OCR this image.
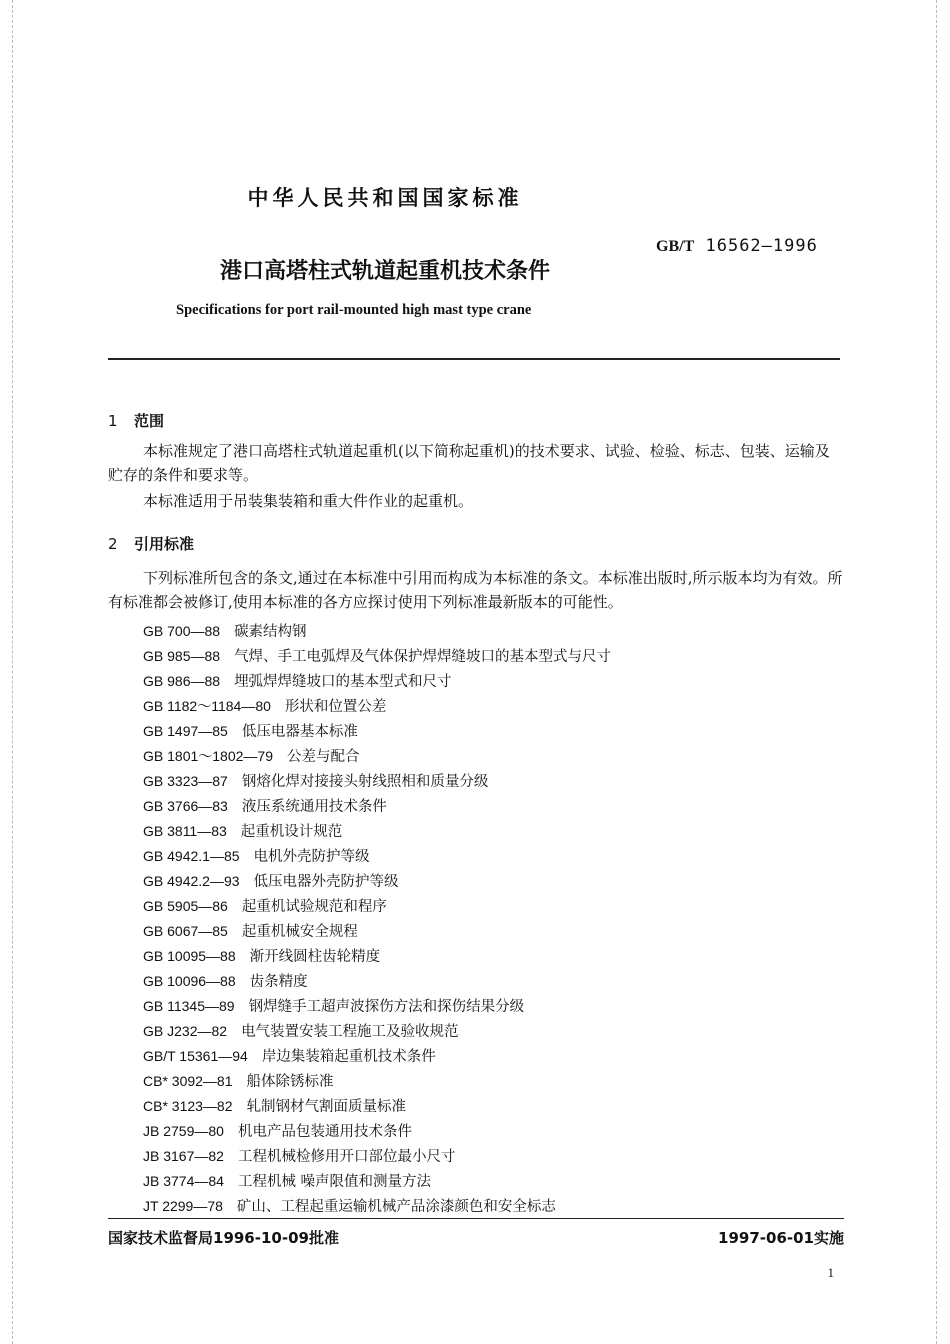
中华人民共和国国家标准
GB/T 16562—1996
港口高塔柱式轨道起重机技术条件
Specifications for port rail-mounted high mast type crane
1 范围
本标准规定了港口高塔柱式轨道起重机(以下简称起重机)的技术要求、试验、检验、标志、包装、运输及贮存的条件和要求等。
本标准适用于吊装集装箱和重大件作业的起重机。
2 引用标准
下列标准所包含的条文,通过在本标准中引用而构成为本标准的条文。本标准出版时,所示版本均为有效。所有标准都会被修订,使用本标准的各方应探讨使用下列标准最新版本的可能性。
GB 700—88 碳素结构钢
GB 985—88 气焊、手工电弧焊及气体保护焊焊缝坡口的基本型式与尺寸
GB 986—88 埋弧焊焊缝坡口的基本型式和尺寸
GB 1182～1184—80 形状和位置公差
GB 1497—85 低压电器基本标准
GB 1801～1802—79 公差与配合
GB 3323—87 钢熔化焊对接接头射线照相和质量分级
GB 3766—83 液压系统通用技术条件
GB 3811—83 起重机设计规范
GB 4942.1—85 电机外壳防护等级
GB 4942.2—93 低压电器外壳防护等级
GB 5905—86 起重机试验规范和程序
GB 6067—85 起重机械安全规程
GB 10095—88 渐开线圆柱齿轮精度
GB 10096—88 齿条精度
GB 11345—89 钢焊缝手工超声波探伤方法和探伤结果分级
GB J232—82 电气装置安装工程施工及验收规范
GB/T 15361—94 岸边集装箱起重机技术条件
CB* 3092—81 船体除锈标准
CB* 3123—82 轧制钢材气割面质量标准
JB 2759—80 机电产品包装通用技术条件
JB 3167—82 工程机械检修用开口部位最小尺寸
JB 3774—84 工程机械 噪声限值和测量方法
JT 2299—78 矿山、工程起重运输机械产品涂漆颜色和安全标志
国家技术监督局1996-10-09批准	1997-06-01实施
1
